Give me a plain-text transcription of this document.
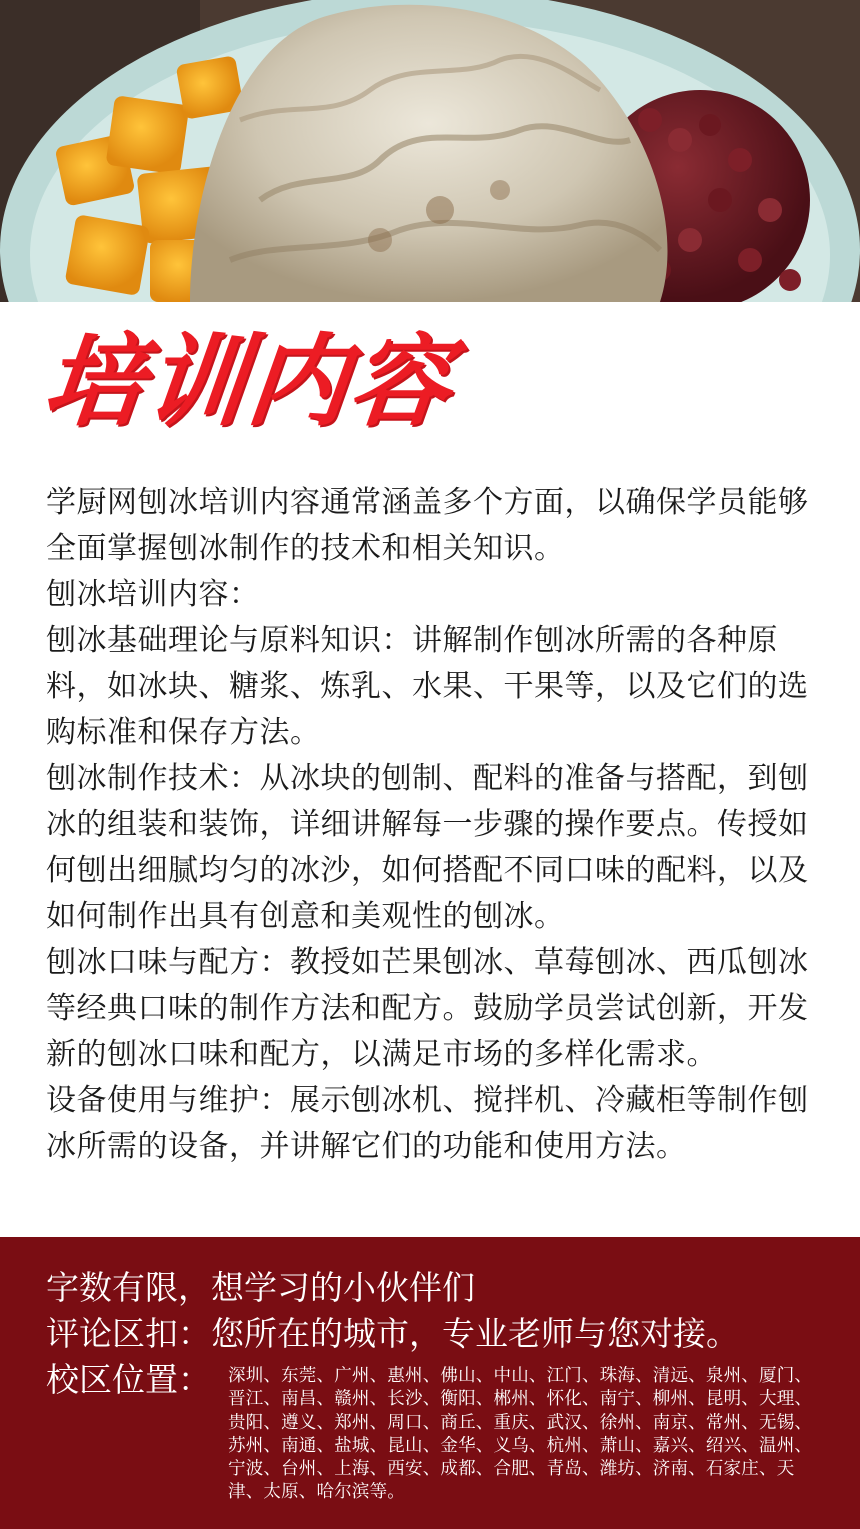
培训内容

学厨网刨冰培训内容通常涵盖多个方面，以确保学员能够全面掌握刨冰制作的技术和相关知识。

刨冰培训内容：

刨冰基础理论与原料知识：讲解制作刨冰所需的各种原料，如冰块、糖浆、炼乳、水果、干果等，以及它们的选购标准和保存方法。

刨冰制作技术：从冰块的刨制、配料的准备与搭配，到刨冰的组装和装饰，详细讲解每一步骤的操作要点。传授如何刨出细腻均匀的冰沙，如何搭配不同口味的配料，以及如何制作出具有创意和美观性的刨冰。

刨冰口味与配方：教授如芒果刨冰、草莓刨冰、西瓜刨冰等经典口味的制作方法和配方。鼓励学员尝试创新，开发新的刨冰口味和配方，以满足市场的多样化需求。

设备使用与维护：展示刨冰机、搅拌机、冷藏柜等制作刨冰所需的设备，并讲解它们的功能和使用方法。

字数有限，想学习的小伙伴们
评论区扣：您所在的城市，专业老师与您对接。
校区位置： 深圳、东莞、广州、惠州、佛山、中山、江门、珠海、清远、泉州、厦门、晋江、南昌、赣州、长沙、衡阳、郴州、怀化、南宁、柳州、昆明、大理、贵阳、遵义、郑州、周口、商丘、重庆、武汉、徐州、南京、常州、无锡、苏州、南通、盐城、昆山、金华、义乌、杭州、萧山、嘉兴、绍兴、温州、宁波、台州、上海、西安、成都、合肥、青岛、潍坊、济南、石家庄、天津、太原、哈尔滨等。
